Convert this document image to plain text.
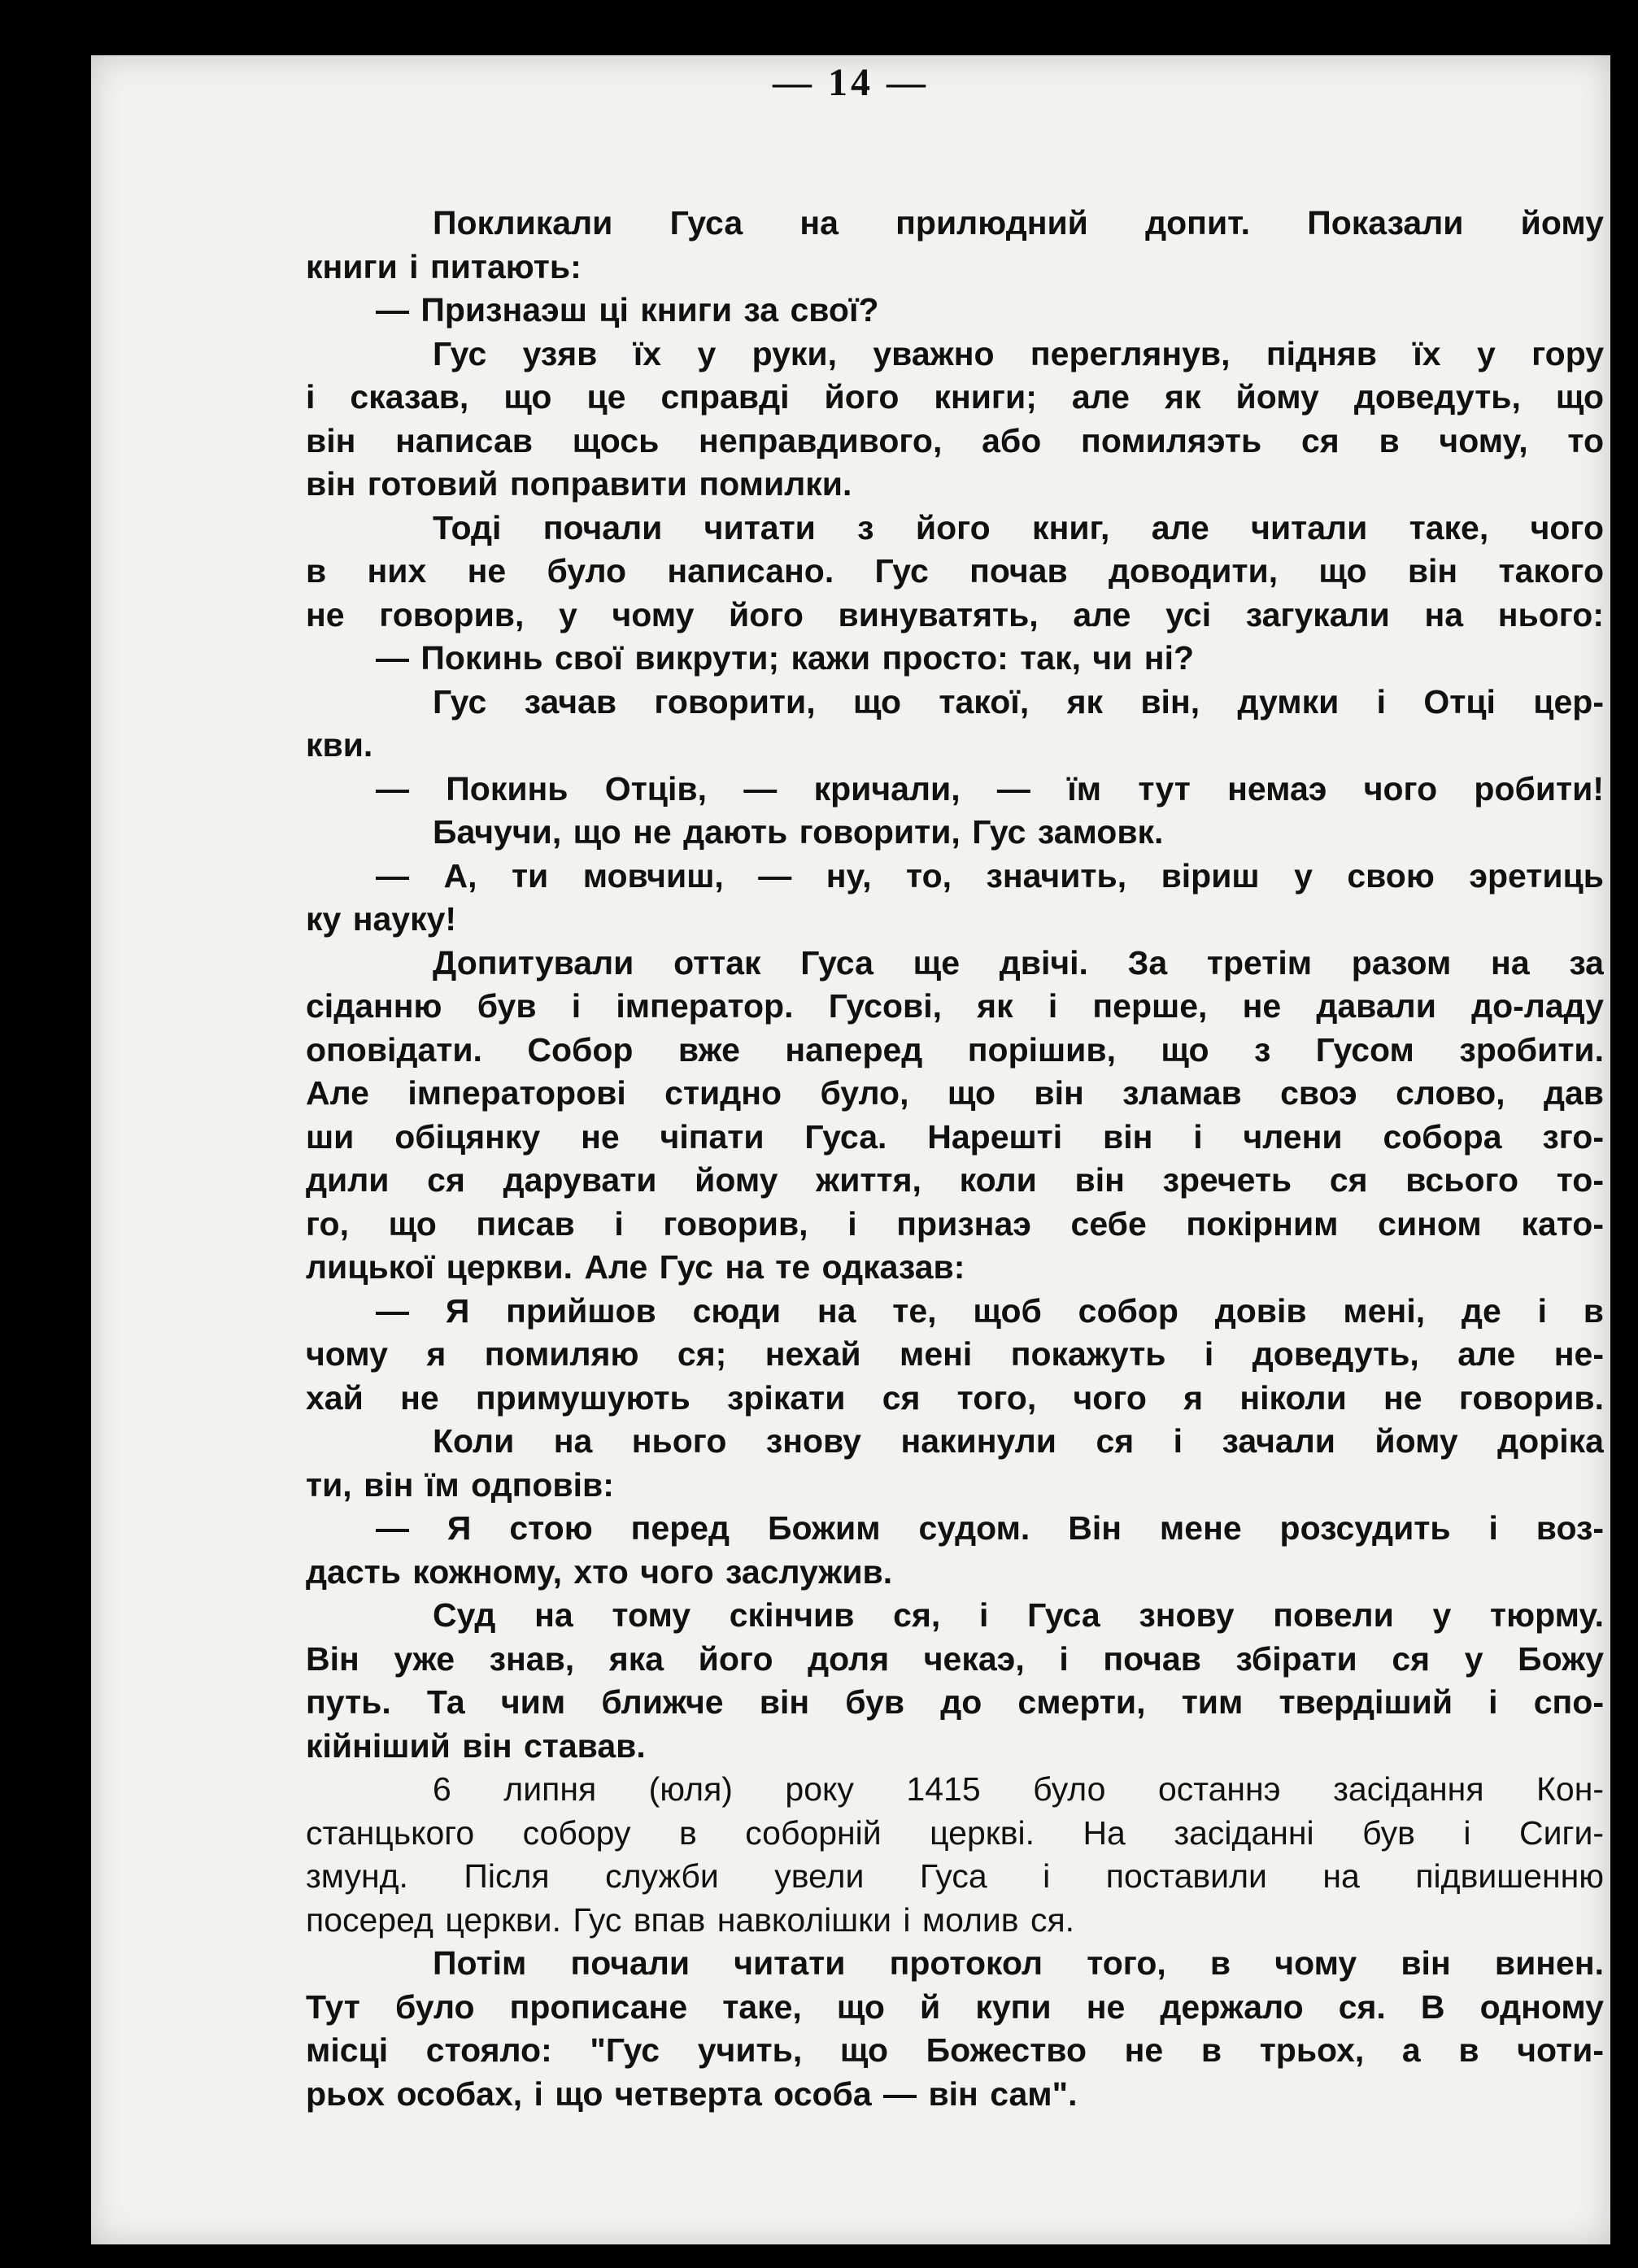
— 14 —
Покликали Гуса на прилюдний допит. Показали йому
книги і питають:
— Признаэш ці книги за свої?
Гус узяв їх у руки, уважно переглянув, підняв їх у гору
і сказав, що це справді його книги; але як йому доведуть, що
він написав щось неправдивого, або помиляэть ся в чому, то
він готовий поправити помилки.
Тоді почали читати з його книг, але читали таке, чого
в них не було написано. Гус почав доводити, що він такого
не говорив, у чому його винуватять, але усі загукали на нього:
— Покинь свої викрути; кажи просто: так, чи ні?
Гус зачав говорити, що такої, як він, думки і Отці цер-
кви.
— Покинь Отців, — кричали, — їм тут немаэ чого робити!
Бачучи, що не дають говорити, Гус замовк.
— А, ти мовчиш, — ну, то, значить, віриш у свою эретиць
ку науку!
Допитували оттак Гуса ще двічі. За третім разом на за
сіданню був і імператор. Гусові, як і перше, не давали до-ладу
оповідати. Собор вже наперед порішив, що з Гусом зробити.
Але імператорові стидно було, що він зламав своэ слово, дав
ши обіцянку не чіпати Гуса. Нарешті він і члени собора зго-
дили ся дарувати йому життя, коли він зречеть ся всього то-
го, що писав і говорив, і признаэ себе покірним сином като-
лицької церкви. Але Гус на те одказав:
— Я прийшов сюди на те, щоб собор довів мені, де і в
чому я помиляю ся; нехай мені покажуть і доведуть, але не-
хай не примушують зрікати ся того, чого я ніколи не говорив.
Коли на нього знову накинули ся і зачали йому доріка
ти, він їм одповів:
— Я стою перед Божим судом. Він мене розсудить і воз-
дасть кожному, хто чого заслужив.
Суд на тому скінчив ся, і Гуса знову повели у тюрму.
Він уже знав, яка його доля чекаэ, і почав збірати ся у Божу
путь. Та чим ближче він був до смерти, тим твердіший і спо-
кійніший він ставав.
6 липня (юля) року 1415 було останнэ засідання Кон-
станцького собору в соборній церкві. На засіданні був і Сиги-
змунд. Після служби увели Гуса і поставили на підвишенню
посеред церкви. Гус впав навколішки і молив ся.
Потім почали читати протокол того, в чому він винен.
Тут було прописане таке, що й купи не держало ся. В одному
місці стояло: "Гус учить, що Божество не в трьох, а в чоти-
рьох особах, і що четверта особа — він сам".
